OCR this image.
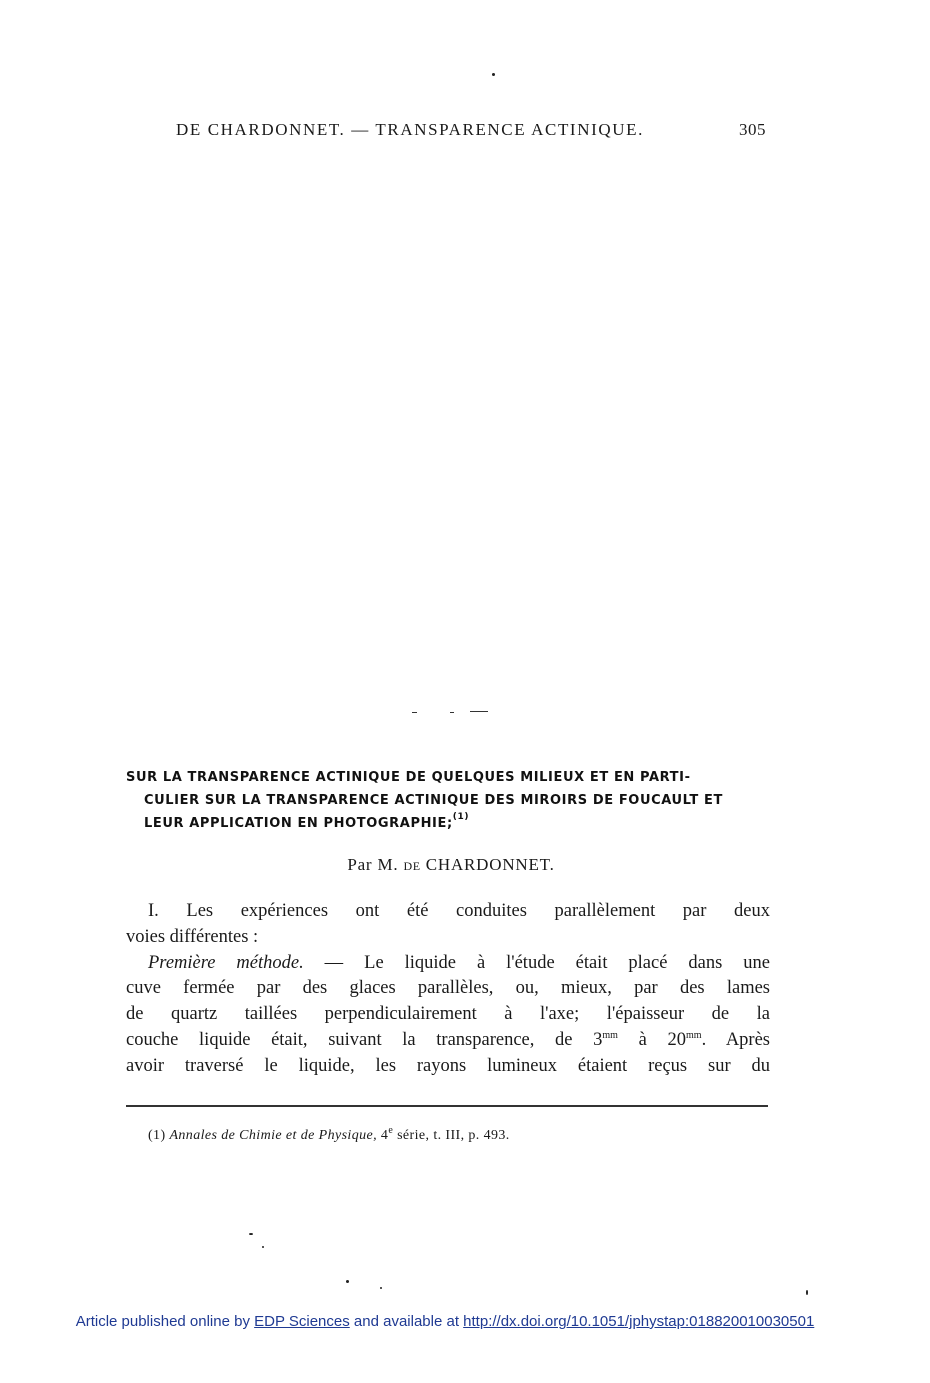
DE CHARDONNET. — TRANSPARENCE ACTINIQUE.	305
SUR LA TRANSPARENCE ACTINIQUE DE QUELQUES MILIEUX ET EN PARTI-
CULIER SUR LA TRANSPARENCE ACTINIQUE DES MIROIRS DE FOUCAULT ET
LEUR APPLICATION EN PHOTOGRAPHIE;$^{(1)}$
Par M. DE CHARDONNET.
I. Les expériences ont été conduites parallèlement par deux
voies différentes :
Première méthode. — Le liquide à l'étude était placé dans une
cuve fermée par des glaces parallèles, ou, mieux, par des lames
de quartz taillées perpendiculairement à l'axe; l'épaisseur de la
couche liquide était, suivant la transparence, de $3^{mm}$ à $20^{mm}$. Après
avoir traversé le liquide, les rayons lumineux étaient reçus sur du
(1) Annales de Chimie et de Physique, 4e série, t. III, p. 493.
Article published online by EDP Sciences and available at http://dx.doi.org/10.1051/jphystap:018820010030501
